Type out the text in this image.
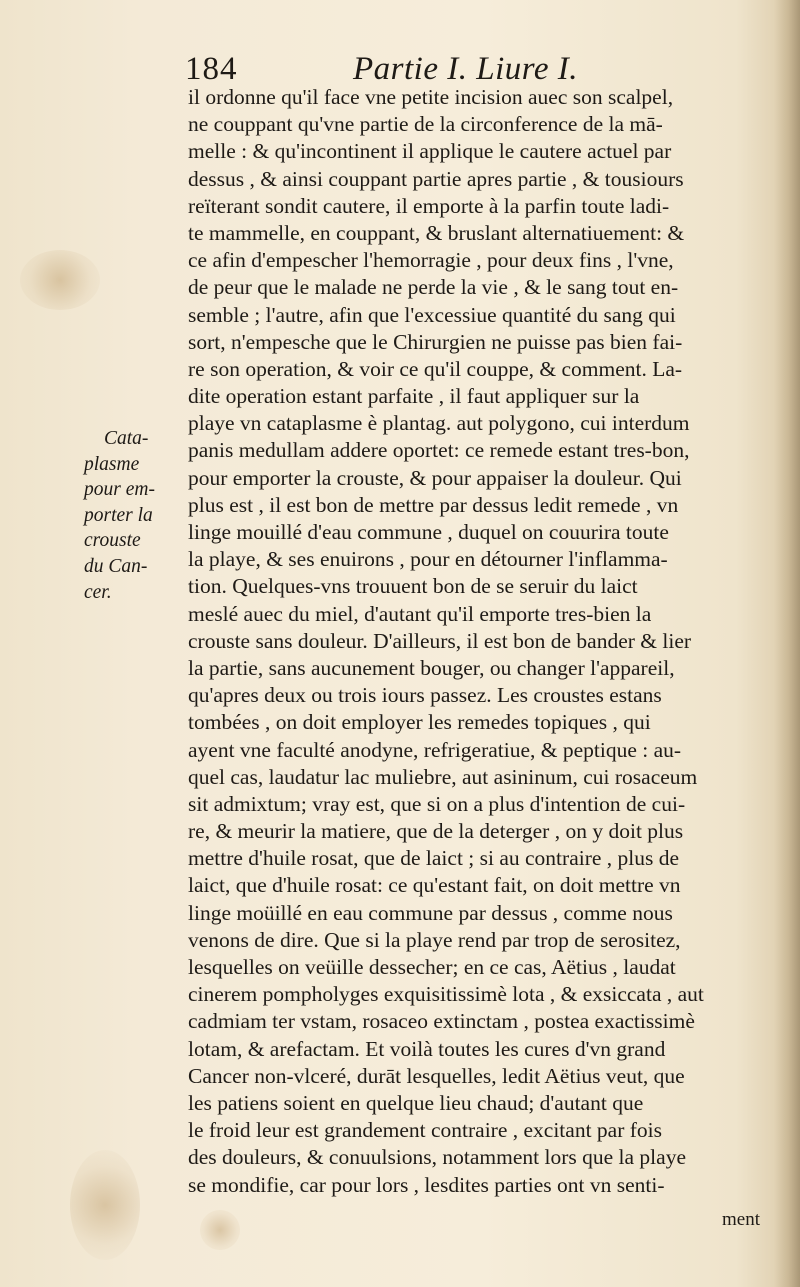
184	Partie I. Liure I.
Cata-
plasme
pour em-
porter la
crouste
du Can-
cer.
il ordonne qu'il face vne petite incision auec son scalpel,
ne couppant qu'vne partie de la circonference de la mā-
melle : & qu'incontinent il applique le cautere actuel par
dessus , & ainsi couppant partie apres partie , & tousiours
reïterant sondit cautere, il emporte à la parfin toute ladi-
te mammelle, en couppant, & bruslant alternatiuement: &
ce afin d'empescher l'hemorragie , pour deux fins , l'vne,
de peur que le malade ne perde la vie , & le sang tout en-
semble ; l'autre, afin que l'excessiue quantité du sang qui
sort, n'empesche que le Chirurgien ne puisse pas bien fai-
re son operation, & voir ce qu'il couppe, & comment. La-
dite operation estant parfaite , il faut appliquer sur la
playe vn cataplasme è plantag. aut polygono, cui interdum
panis medullam addere oportet: ce remede estant tres-bon,
pour emporter la crouste, & pour appaiser la douleur. Qui
plus est , il est bon de mettre par dessus ledit remede , vn
linge mouillé d'eau commune , duquel on couurira toute
la playe, & ses enuirons , pour en détourner l'inflamma-
tion. Quelques-vns trouuent bon de se seruir du laict
meslé auec du miel, d'autant qu'il emporte tres-bien la
crouste sans douleur. D'ailleurs, il est bon de bander & lier
la partie, sans aucunement bouger, ou changer l'appareil,
qu'apres deux ou trois iours passez. Les croustes estans
tombées , on doit employer les remedes topiques , qui
ayent vne faculté anodyne, refrigeratiue, & peptique : au-
quel cas, laudatur lac muliebre, aut asininum, cui rosaceum
sit admixtum; vray est, que si on a plus d'intention de cui-
re, & meurir la matiere, que de la deterger , on y doit plus
mettre d'huile rosat, que de laict ; si au contraire , plus de
laict, que d'huile rosat: ce qu'estant fait, on doit mettre vn
linge moüillé en eau commune par dessus , comme nous
venons de dire. Que si la playe rend par trop de serositez,
lesquelles on veüille dessecher; en ce cas, Aëtius , laudat
cinerem pompholyges exquisitissimè lota , & exsiccata , aut
cadmiam ter vstam, rosaceo extinctam , postea exactissimè
lotam, & arefactam. Et voilà toutes les cures d'vn grand
Cancer non-vlceré, durāt lesquelles, ledit Aëtius veut, que
les patiens soient en quelque lieu chaud; d'autant que
le froid leur est grandement contraire , excitant par fois
des douleurs, & conuulsions, notamment lors que la playe
se mondifie, car pour lors , lesdites parties ont vn senti-
ment
